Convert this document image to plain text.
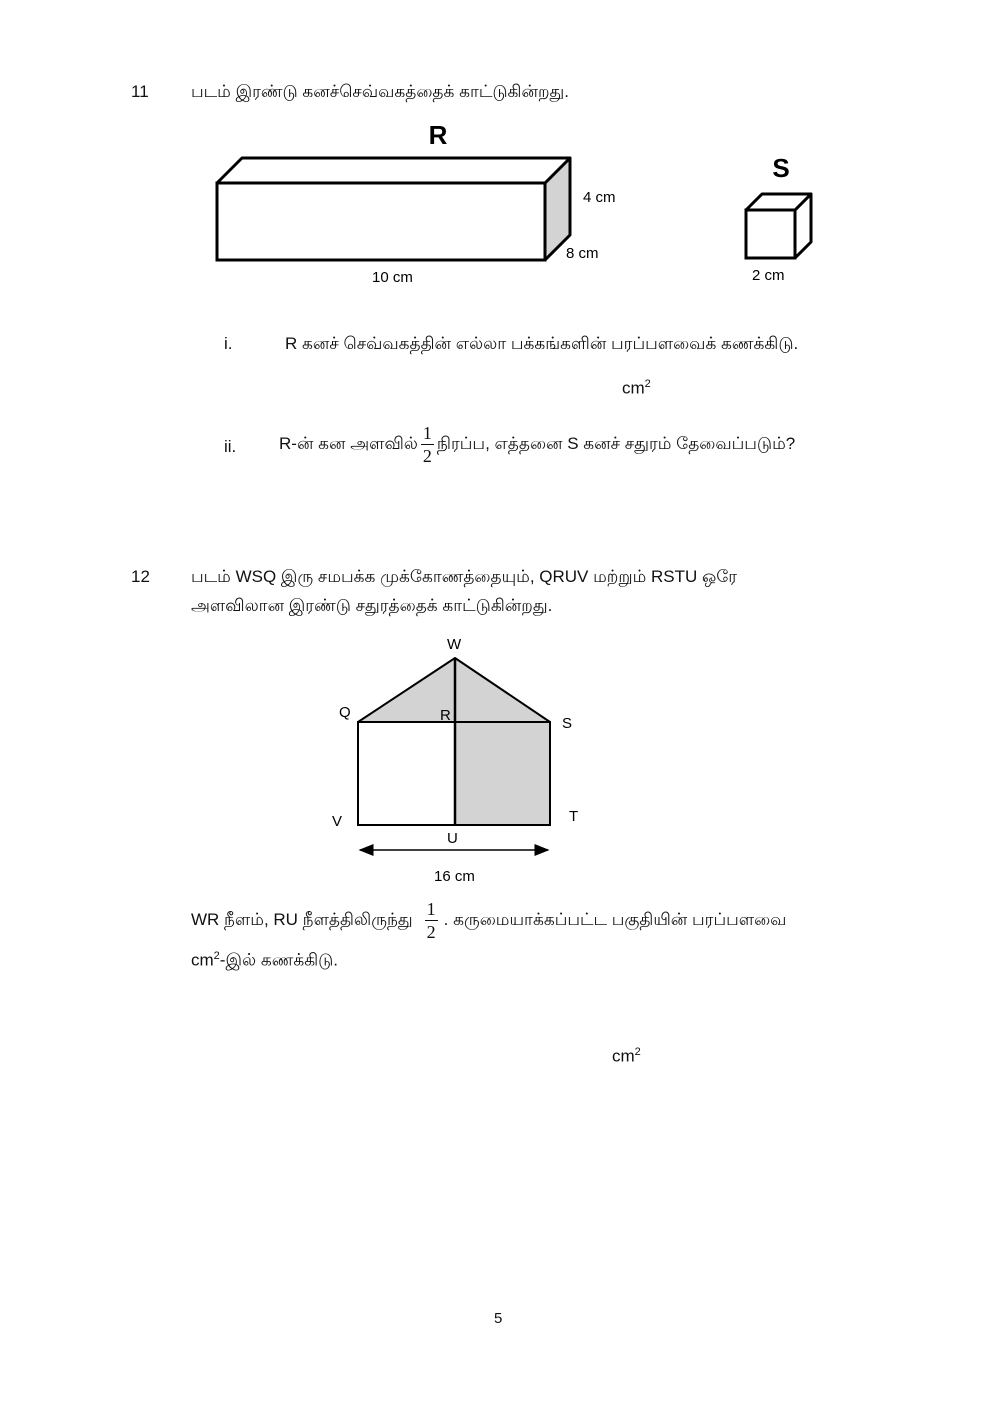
11 படம் இரண்டு கனச்செவ்வகத்தைக் காட்டுகின்றது.
R
4 cm
8 cm
10 cm
S
2 cm
i.	R கனச் செவ்வகத்தின் எல்லா பக்கங்களின் பரப்பளவைக் கணக்கிடு.
$cm^2$
ii.	R-ன் கன அளவில் $\frac{1}{2}$ நிரப்ப, எத்தனை S கனச் சதுரம் தேவைப்படும்?
12 படம் WSQ இரு சமபக்க முக்கோணத்தையும், QRUV மற்றும் RSTU ஒரே
அளவிலான இரண்டு சதுரத்தைக் காட்டுகின்றது.
W
Q	R	S
V
U
T
16 cm
WR நீளம், RU நீளத்திலிருந்து $\frac{1}{2}$ . கருமையாக்கப்பட்ட பகுதியின் பரப்பளவை
$cm^2-இல்$ கணக்கிடு.
$cm^2$
5
